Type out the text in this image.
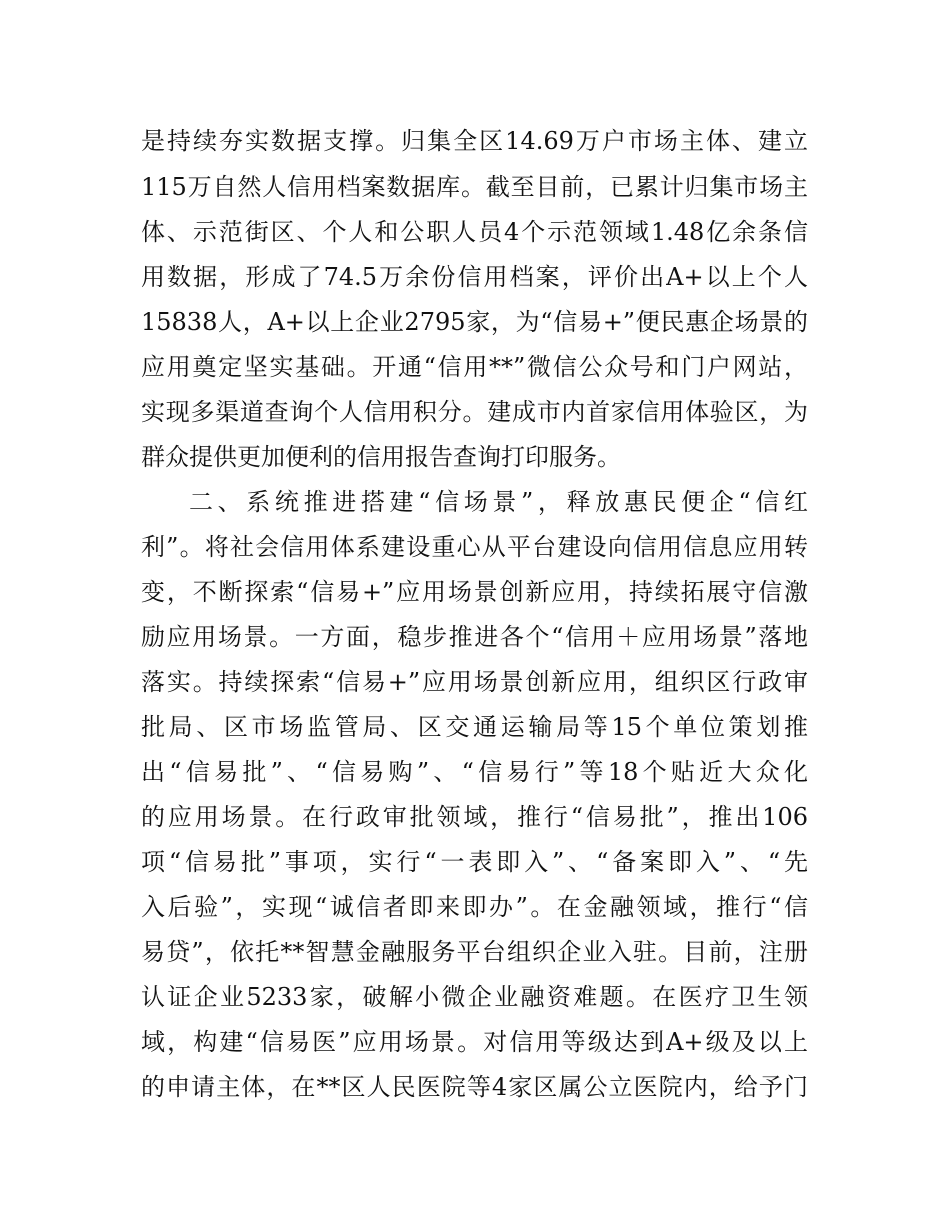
是持续夯实数据支撑。归集全区14.69万户市场主体、建立
115万自然人信用档案数据库。截至目前，已累计归集市场主
体、示范街区、个人和公职人员4个示范领域1.48亿余条信
用数据，形成了74.5万余份信用档案，评价出A+以上个人
15838人，A+以上企业2795家，为“信易+”便民惠企场景的
应用奠定坚实基础。开通“信用**”微信公众号和门户网站，
实现多渠道查询个人信用积分。建成市内首家信用体验区，为
群众提供更加便利的信用报告查询打印服务。
二、系统推进搭建“信场景”，释放惠民便企“信红
利”。将社会信用体系建设重心从平台建设向信用信息应用转
变，不断探索“信易+”应用场景创新应用，持续拓展守信激
励应用场景。一方面，稳步推进各个“信用＋应用场景”落地
落实。持续探索“信易+”应用场景创新应用，组织区行政审
批局、区市场监管局、区交通运输局等15个单位策划推
出“信易批”、“信易购”、“信易行”等18个贴近大众化
的应用场景。在行政审批领域，推行“信易批”，推出106
项“信易批”事项，实行“一表即入”、“备案即入”、“先
入后验”，实现“诚信者即来即办”。在金融领域，推行“信
易贷”，依托**智慧金融服务平台组织企业入驻。目前，注册
认证企业5233家，破解小微企业融资难题。在医疗卫生领
域，构建“信易医”应用场景。对信用等级达到A+级及以上
的申请主体，在**区人民医院等4家区属公立医院内，给予门
